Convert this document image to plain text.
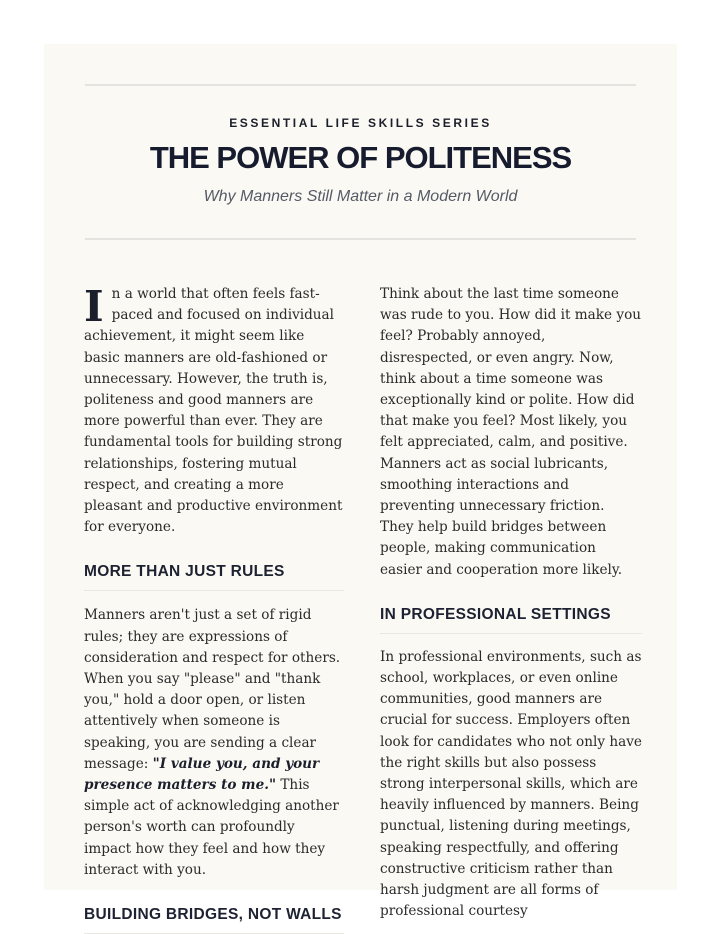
ESSENTIAL LIFE SKILLS SERIES
THE POWER OF POLITENESS
Why Manners Still Matter in a Modern World

In a world that often feels fast-paced and focused on individual achievement, it might seem like basic manners are old-fashioned or unnecessary. However, the truth is, politeness and good manners are more powerful than ever. They are fundamental tools for building strong relationships, fostering mutual respect, and creating a more pleasant and productive environment for everyone.

MORE THAN JUST RULES

Manners aren't just a set of rigid rules; they are expressions of consideration and respect for others. When you say "please" and "thank you," hold a door open, or listen attentively when someone is speaking, you are sending a clear message: "I value you, and your presence matters to me." This simple act of acknowledging another person's worth can profoundly impact how they feel and how they interact with you.

BUILDING BRIDGES, NOT WALLS

Think about the last time someone was rude to you. How did it make you feel? Probably annoyed, disrespected, or even angry. Now, think about a time someone was exceptionally kind or polite. How did that make you feel? Most likely, you felt appreciated, calm, and positive. Manners act as social lubricants, smoothing interactions and preventing unnecessary friction. They help build bridges between people, making communication easier and cooperation more likely.

IN PROFESSIONAL SETTINGS

In professional environments, such as school, workplaces, or even online communities, good manners are crucial for success. Employers often look for candidates who not only have the right skills but also possess strong interpersonal skills, which are heavily influenced by manners. Being punctual, listening during meetings, speaking respectfully, and offering constructive criticism rather than harsh judgment are all forms of professional courtesy
